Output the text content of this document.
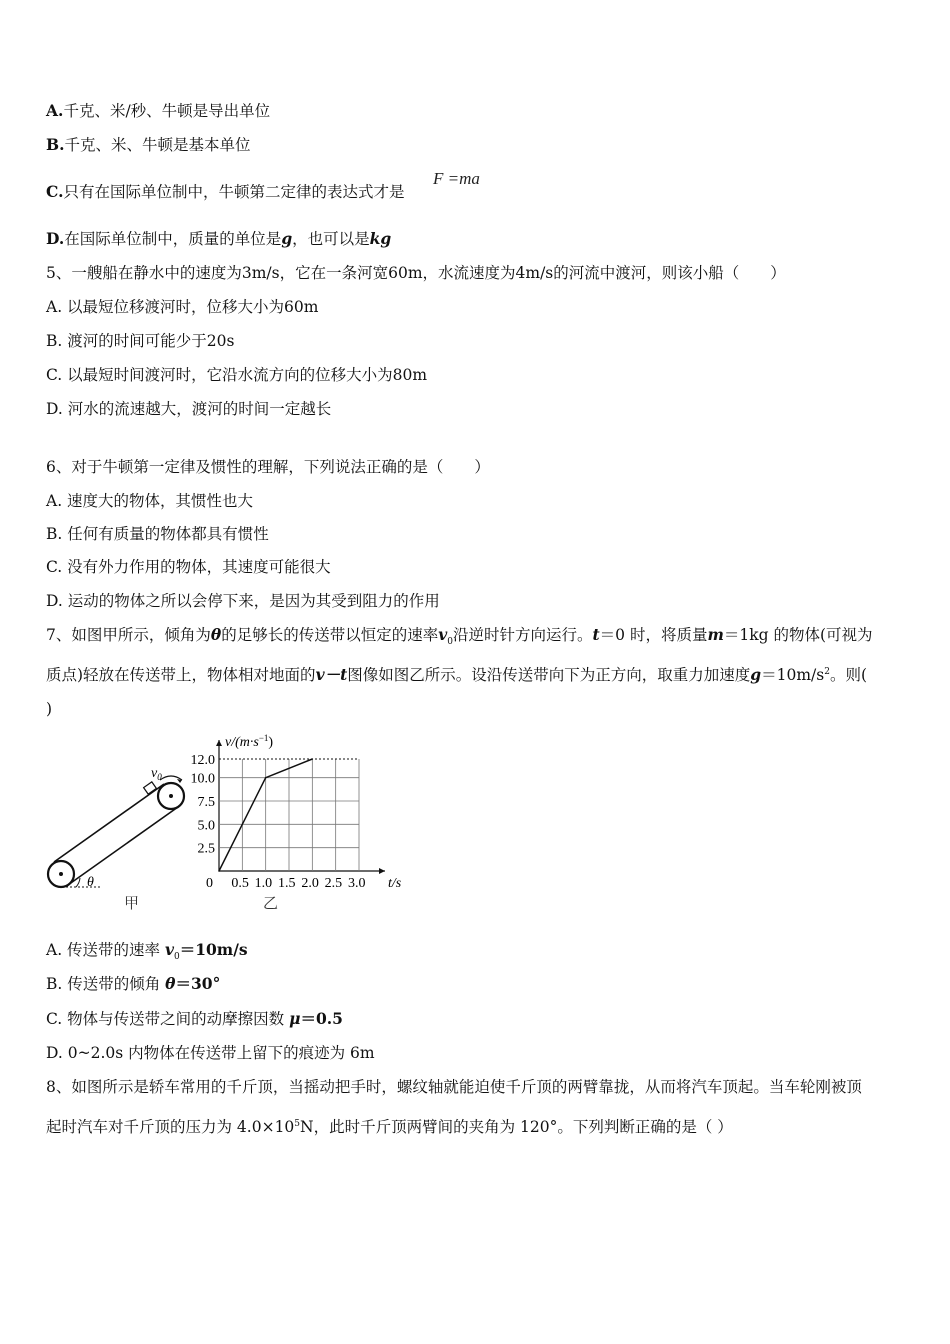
A.千克、米/秒、牛顿是导出单位
B.千克、米、牛顿是基本单位
C.只有在国际单位制中，牛顿第二定律的表达式才是
F =ma
D.在国际单位制中，质量的单位是g，也可以是kg
5、一艘船在静水中的速度为3m/s，它在一条河宽60m，水流速度为4m/s的河流中渡河，则该小船（　　）
A. 以最短位移渡河时，位移大小为60m
B. 渡河的时间可能少于20s
C. 以最短时间渡河时，它沿水流方向的位移大小为80m
D. 河水的流速越大，渡河的时间一定越长
6、对于牛顿第一定律及惯性的理解，下列说法正确的是（　　）
A. 速度大的物体，其惯性也大
B. 任何有质量的物体都具有惯性
C. 没有外力作用的物体，其速度可能很大
D. 运动的物体之所以会停下来，是因为其受到阻力的作用
7、如图甲所示，倾角为θ的足够长的传送带以恒定的速率$v_0$沿逆时针方向运行。t＝0 时，将质量m＝1kg 的物体(可视为
质点)轻放在传送带上，物体相对地面的v－t图像如图乙所示。设沿传送带向下为正方向，取重力加速度$g=10m/s^2$。则(
)
$v_0$
θ
甲
0.5 1.0 1.5 2.0 2.5 3.0
2.5
5.0
7.5
10.0
12.0
$v/(m\cdot s^{-1})$
t/s
0
乙
A. 传送带的速率 $v_0=10m/s$
B. 传送带的倾角 θ＝30°
C. 物体与传送带之间的动摩擦因数 μ＝0.5
D. 0~2.0s 内物体在传送带上留下的痕迹为 6m
8、如图所示是轿车常用的千斤顶，当摇动把手时，螺纹轴就能迫使千斤顶的两臂靠拢，从而将汽车顶起。当车轮刚被顶
起时汽车对千斤顶的压力为 $4.0\times 10^5N$，此时千斤顶两臂间的夹角为 120°。下列判断正确的是（ ）
